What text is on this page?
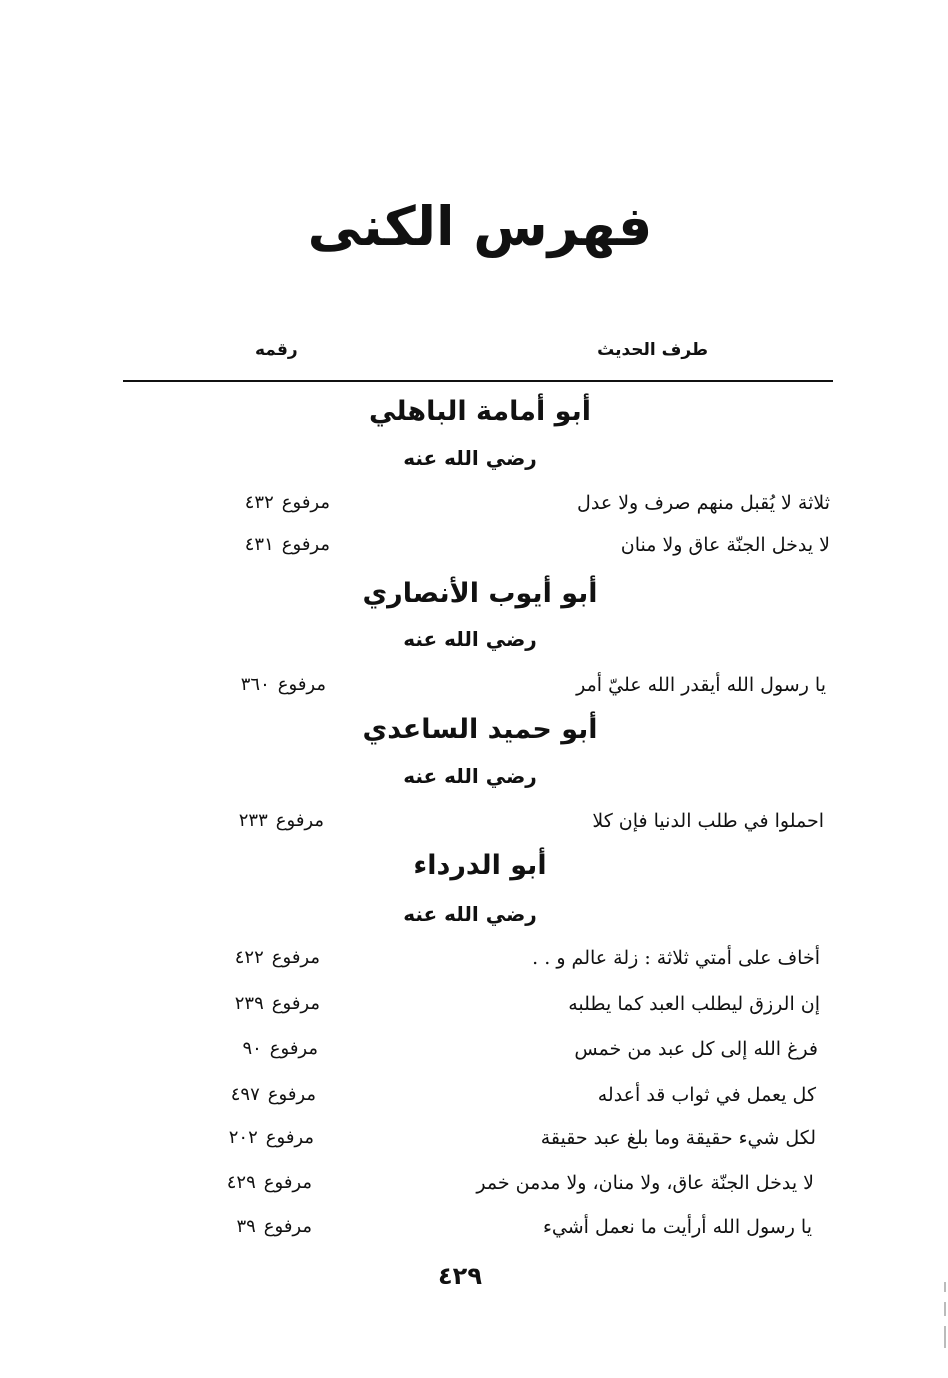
فهرس الكنى
طرف الحديث
رقمه
أبو أمامة الباهلي
رضي الله عنه
ثلاثة لا يُقبل منهم صرف ولا عدل
مرفوع٤٣٢
لا يدخل الجنّة عاق ولا منان
مرفوع٤٣١
أبو أيوب الأنصاري
رضي الله عنه
يا رسول الله أيقدر الله عليّ أمر
مرفوع٣٦٠
أبو حميد الساعدي
رضي الله عنه
احملوا في طلب الدنيا فإن كلا
مرفوع٢٣٣
أبو الدرداء
رضي الله عنه
أخاف على أمتي ثلاثة : زلة عالم و . .
مرفوع٤٢٢
إن الرزق ليطلب العبد كما يطلبه
مرفوع٢٣٩
فرغ الله إلى كل عبد من خمس
مرفوع٩٠
كل يعمل في ثواب قد أعدله
مرفوع٤٩٧
لكل شيء حقيقة وما بلغ عبد حقيقة
مرفوع٢٠٢
لا يدخل الجنّة عاق، ولا منان، ولا مدمن خمر
مرفوع٤٢٩
يا رسول الله أرأيت ما نعمل أشيء
مرفوع٣٩
٤٢٩
